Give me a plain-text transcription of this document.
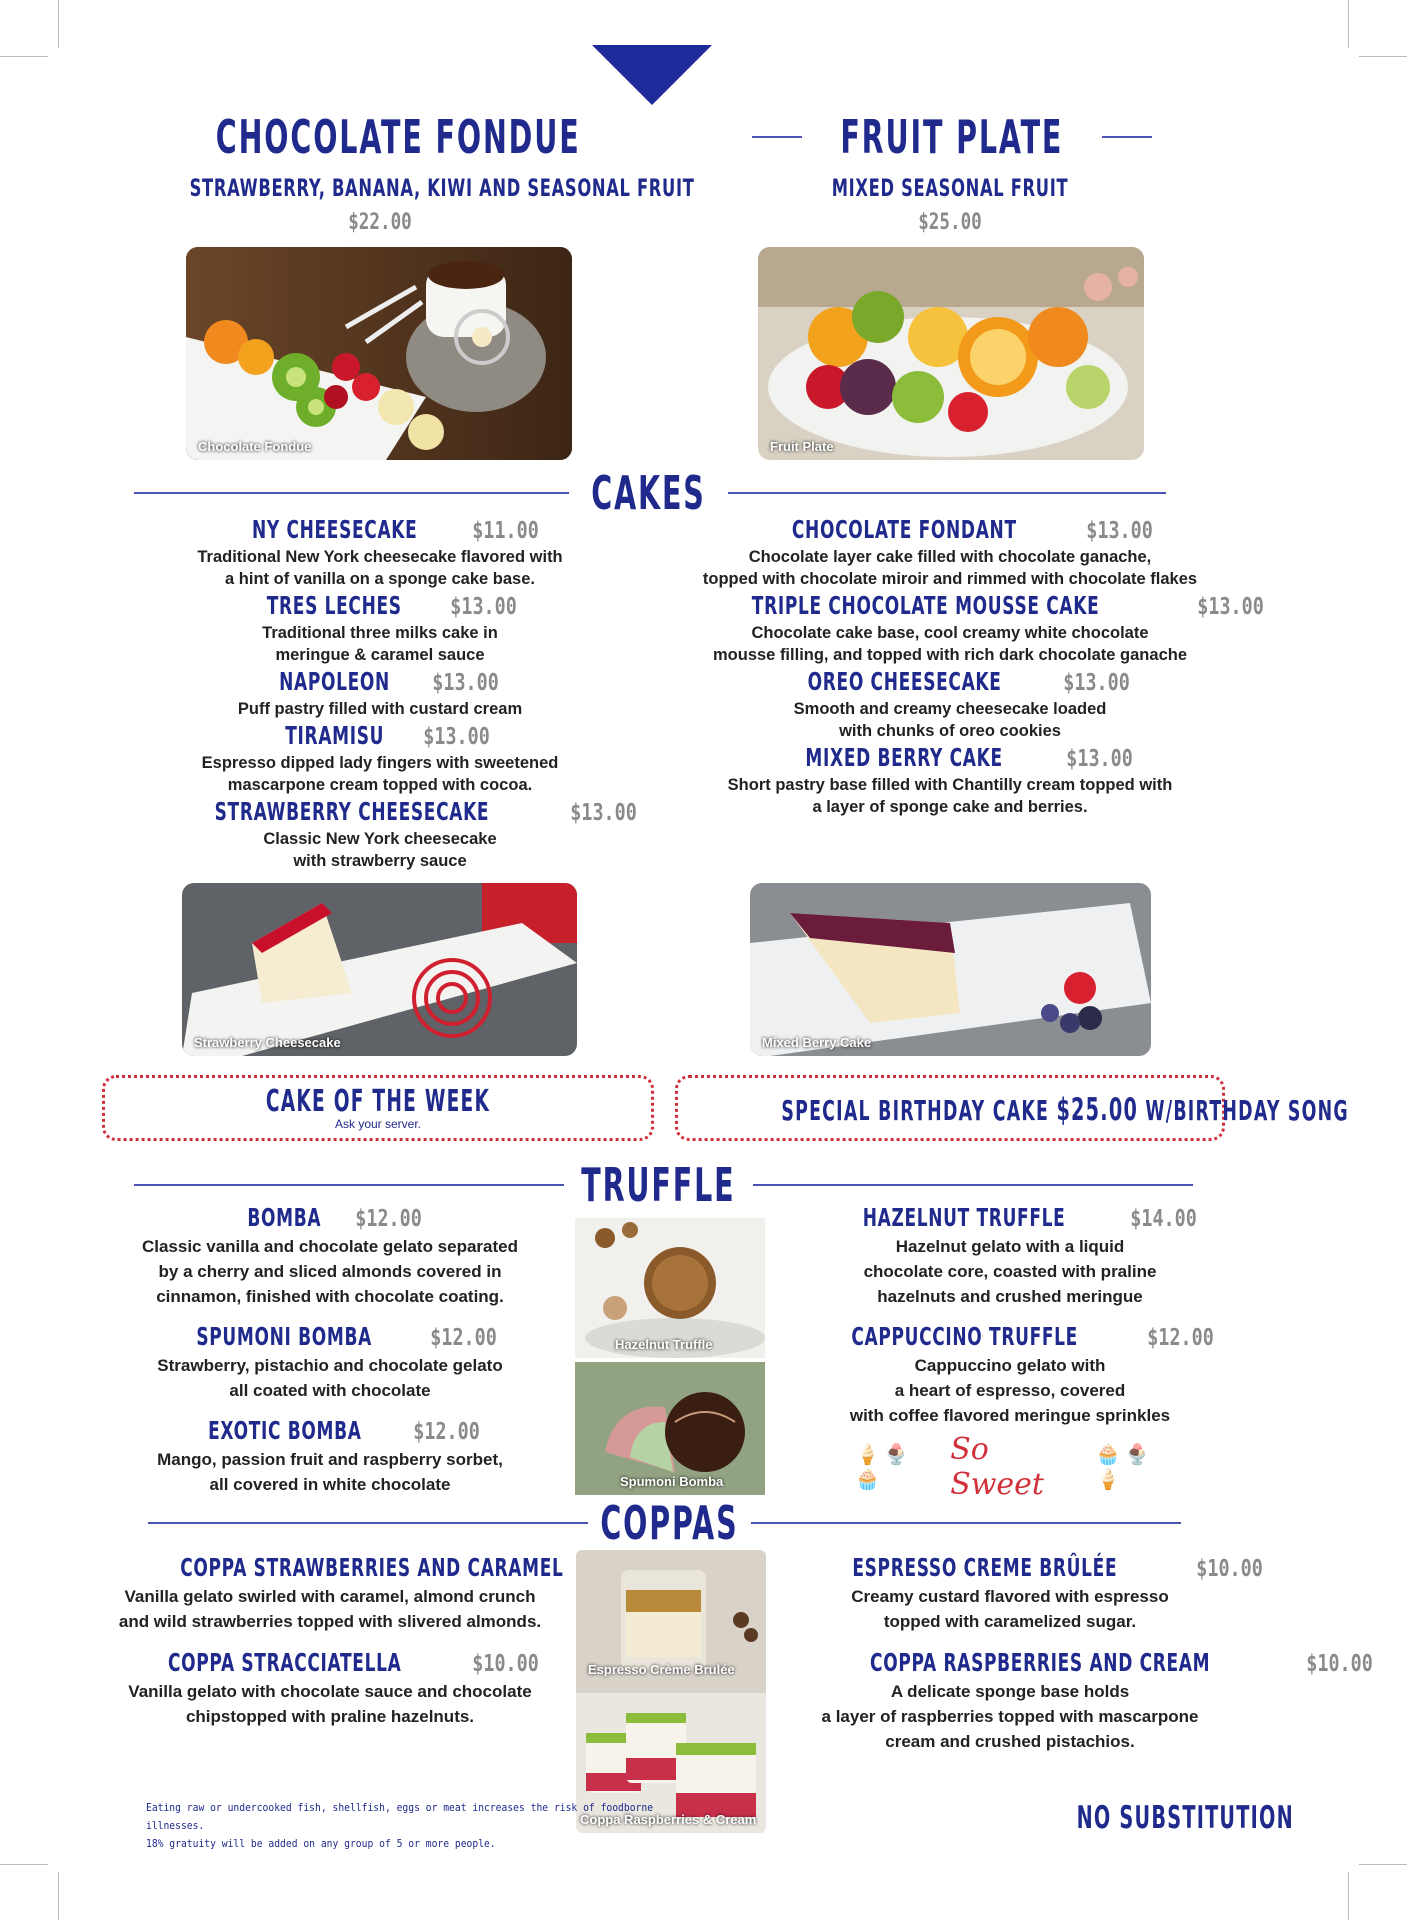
CHOCOLATE FONDUE
STRAWBERRY, BANANA, KIWI AND SEASONAL FRUIT
$22.00
Chocolate Fondue
FRUIT PLATE
MIXED SEASONAL FRUIT
$25.00
Fruit Plate
CAKES
NY CHEESECAKE $11.00
Traditional New York cheesecake flavored with
a hint of vanilla on a sponge cake base.
TRES LECHES $13.00
Traditional three milks cake in
meringue & caramel sauce
NAPOLEON $13.00
Puff pastry filled with custard cream
TIRAMISU $13.00
Espresso dipped lady fingers with sweetened
mascarpone cream topped with cocoa.
STRAWBERRY CHEESECAKE	$13.00
Classic New York cheesecake
with strawberry sauce
CHOCOLATE FONDANT	$13.00
Chocolate layer cake filled with chocolate ganache,
topped with chocolate miroir and rimmed with chocolate flakes
TRIPLE CHOCOLATE MOUSSE CAKE	$13.00
Chocolate cake base, cool creamy white chocolate
mousse filling, and topped with rich dark chocolate ganache
OREO CHEESECAKE	$13.00
Smooth and creamy cheesecake loaded
with chunks of oreo cookies
MIXED BERRY CAKE	$13.00
Short pastry base filled with Chantilly cream topped with
a layer of sponge cake and berries.
Strawberry Cheesecake	Mixed Berry Cake
CAKE OF THE WEEK
Ask your server.	SPECIAL BIRTHDAY CAKE $25.00 W/BIRTHDAY SONG
TRUFFLE
BOMBA $12.00
Classic vanilla and chocolate gelato separated
by a cherry and sliced almonds covered in
cinnamon, finished with chocolate coating.
SPUMONI BOMBA	$12.00
Strawberry, pistachio and chocolate gelato
all coated with chocolate
EXOTIC BOMBA $12.00
Mango, passion fruit and raspberry sorbet,
all covered in white chocolate
Hazelnut Truffle
Spumoni Bomba
HAZELNUT TRUFFLE	$14.00
Hazelnut gelato with a liquid
chocolate core, coasted with praline
hazelnuts and crushed meringue
CAPPUCCINO TRUFFLE	$12.00
Cappuccino gelato with
a heart of espresso, covered
with coffee flavored meringue sprinkles
🍦🍨🧁
So Sweet
🧁🍨🍦
COPPAS
COPPA STRAWBERRIES AND CARAMEL
Vanilla gelato swirled with caramel, almond crunch
and wild strawberries topped with slivered almonds.
COPPA STRACCIATELLA	$10.00
Vanilla gelato with chocolate sauce and chocolate
chipstopped with praline hazelnuts.
Espresso Crème Brulée
Coppa Raspberries & Cream
ESPRESSO CREME BRÛLÉE	$10.00
Creamy custard flavored with espresso
topped with caramelized sugar.
COPPA RASPBERRIES AND CREAM	$10.00
A delicate sponge base holds
a layer of raspberries topped with mascarpone
cream and crushed pistachios.
Eating raw or undercooked fish, shellfish, eggs or meat increases the risk of foodborne illnesses.
18% gratuity will be added on any group of 5 or more people.
NO SUBSTITUTION
